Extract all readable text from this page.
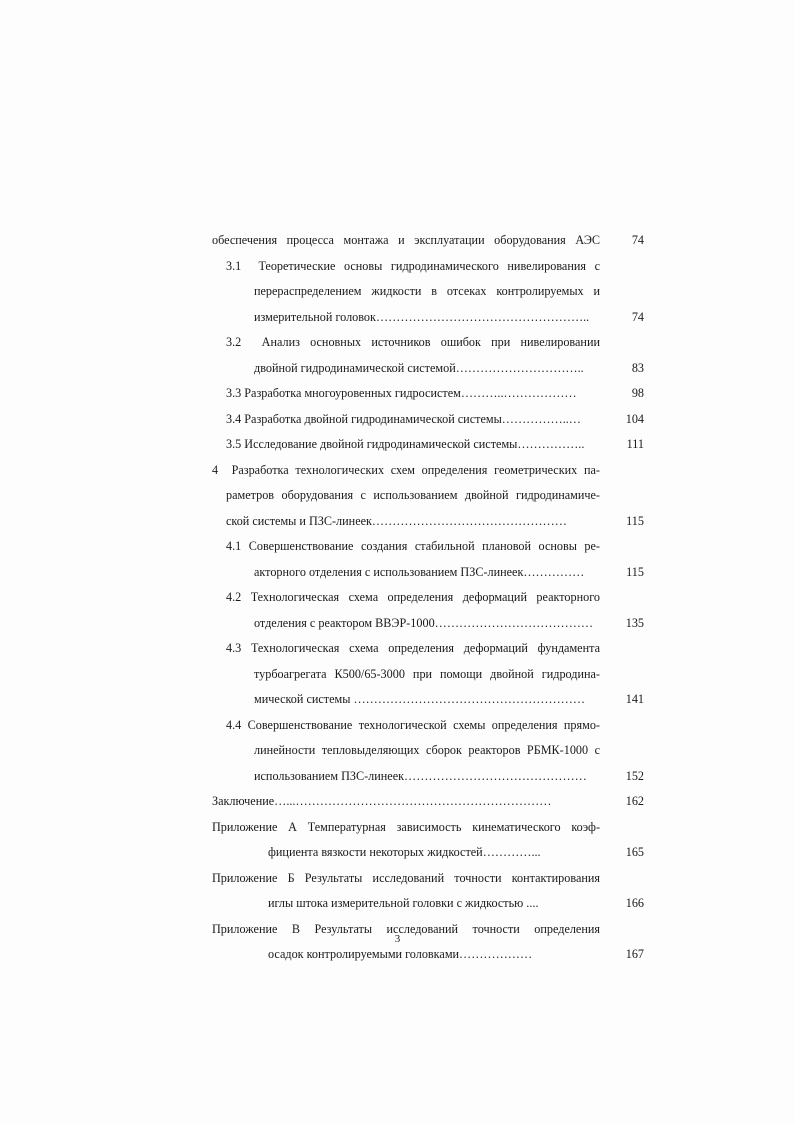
обеспечения процесса монтажа и эксплуатации оборудования АЭС	74
3.1 Теоретические основы гидродинамического нивелирования с
перераспределением жидкости в отсеках контролируемых и
измерительной головок……………………………………………..	74
3.2 Анализ основных источников ошибок при нивелировании
двойной гидродинамической системой…………………………..	83
3.3 Разработка многоуровенных гидросистем………..………………	98
3.4 Разработка двойной гидродинамической системы……………..…	104
3.5 Исследование двойной гидродинамической системы……………..	111
4 Разработка технологических схем определения геометрических па-
раметров оборудования с использованием двойной гидродинамиче-
ской системы и ПЗС-линеек…………………………………………	115
4.1 Совершенствование создания стабильной плановой основы ре-
акторного отделения с использованием ПЗС-линеек……………	115
4.2 Технологическая схема определения деформаций реакторного
отделения с реактором ВВЭР-1000…………………………………	135
4.3 Технологическая схема определения деформаций фундамента
турбоагрегата К500/65-3000 при помощи двойной гидродина-
мической системы …………………………………………………	141
4.4 Совершенствование технологической схемы определения прямо-
линейности тепловыделяющих сборок реакторов РБМК-1000 с
использованием ПЗС-линеек………………………………………	152
Заключение…...………………………………………………………	162
Приложение А Температурная зависимость кинематического коэф-
фициента вязкости некоторых жидкостей…………...	165
Приложение Б Результаты исследований точности контактирования
иглы штока измерительной головки с жидкостью ....	166
Приложение В Результаты исследований точности определения
осадок контролируемыми головками………………	167
3
